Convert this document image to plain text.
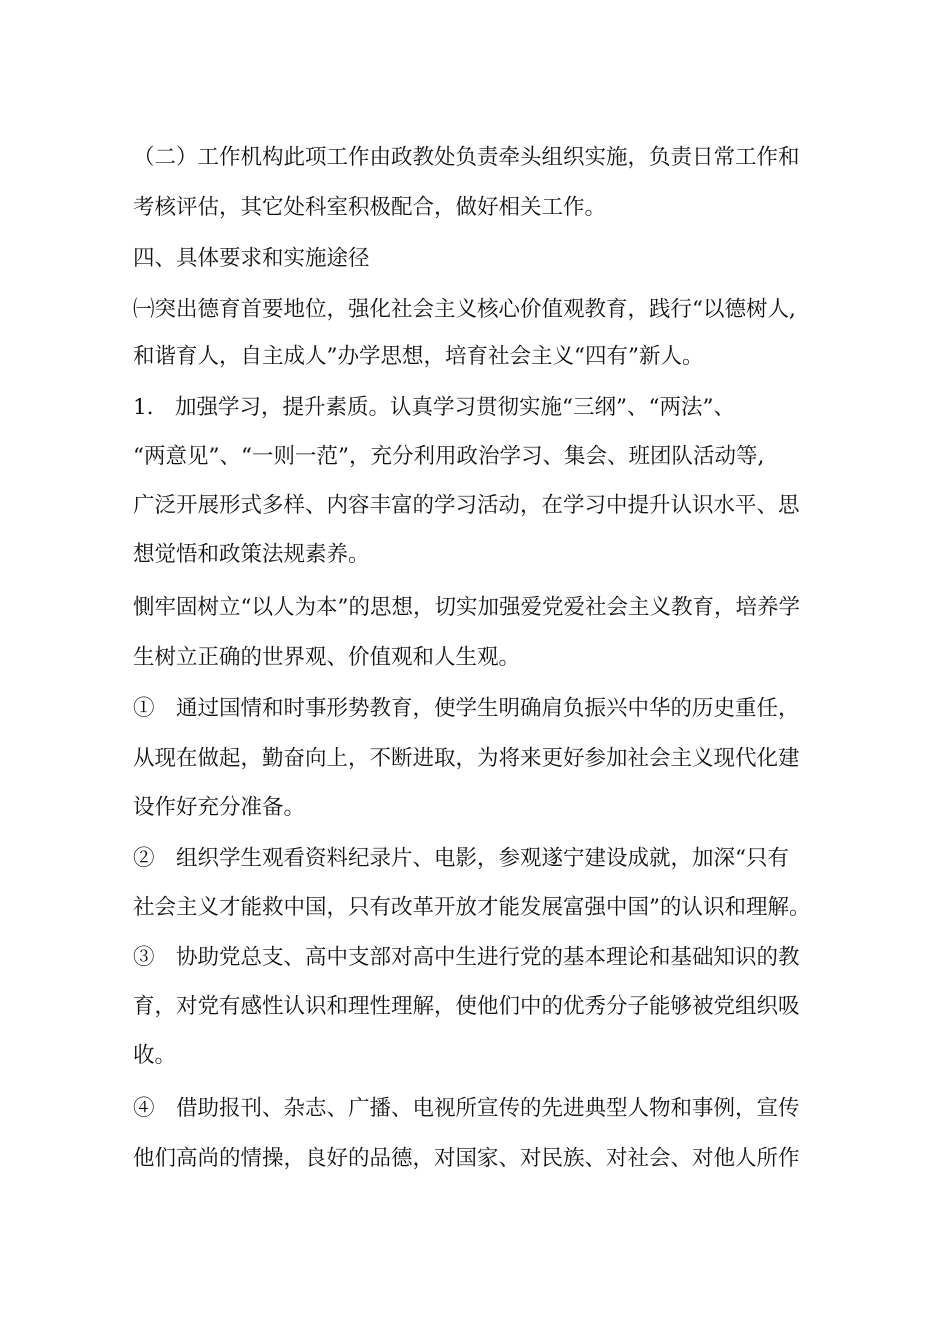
（二）工作机构此项工作由政教处负责牵头组织实施，负责日常工作和
考核评估，其它处科室积极配合，做好相关工作。
四、具体要求和实施途径
㈠突出德育首要地位，强化社会主义核心价值观教育，践行“以德树人,
和谐育人，自主成人”办学思想，培育社会主义“四有”新人。
1.　加强学习，提升素质。认真学习贯彻实施“三纲”、“两法”、
“两意见”、“一则一范”，充分利用政治学习、集会、班团队活动等,
广泛开展形式多样、内容丰富的学习活动，在学习中提升认识水平、思
想觉悟和政策法规素养。
惻牢固树立“以人为本”的思想，切实加强爱党爱社会主义教育，培养学
生树立正确的世界观、价值观和人生观。
①　通过国情和时事形势教育，使学生明确肩负振兴中华的历史重任，
从现在做起，勤奋向上，不断进取，为将来更好参加社会主义现代化建
设作好充分准备。
②　组织学生观看资料纪录片、电影，参观遂宁建设成就，加深“只有
社会主义才能救中国，只有改革开放才能发展富强中国”的认识和理解。
③　协助党总支、高中支部对高中生进行党的基本理论和基础知识的教
育，对党有感性认识和理性理解，使他们中的优秀分子能够被党组织吸
收。
④　借助报刊、杂志、广播、电视所宣传的先进典型人物和事例，宣传
他们高尚的情操，良好的品德，对国家、对民族、对社会、对他人所作
